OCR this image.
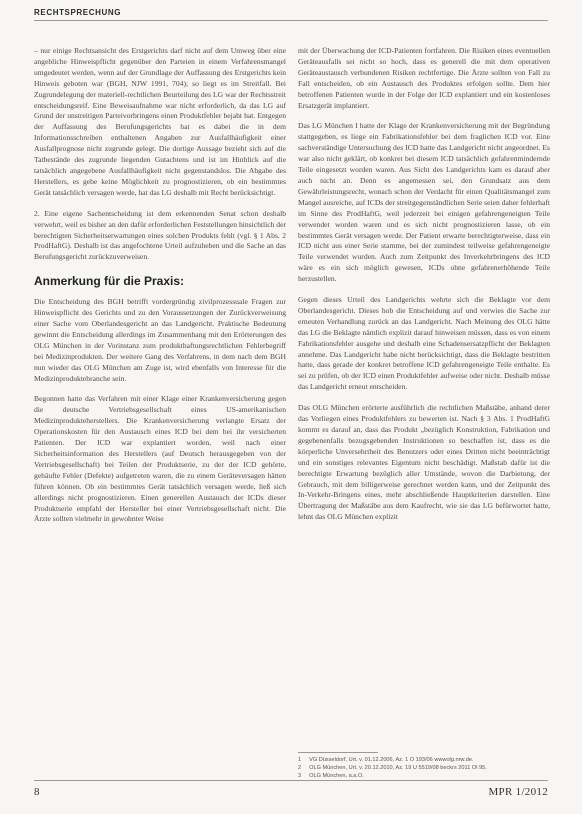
RECHTSPRECHUNG

– nur einige Rechtsansicht des Erstgerichts darf nicht auf dem Umweg über eine angebliche Hinweispflicht gegenüber den Parteien in einem Verfahrensmangel umgedeutet werden, wenn auf der Grundlage der Auffassung des Erstgerichts kein Hinweis geboten war (BGH, NJW 1991, 704); so liegt es im Streitfall. Bei Zugrundelegung der materiell-rechtlichen Beurteilung des LG war der Rechtsstreit entscheidungsreif. Eine Beweisaufnahme war nicht erforderlich, da das LG auf Grund der unstreitigen Parteivorbringens einen Produktfehler bejaht hat. Entgegen der Auffassung des Berufungsgerichts hat es dabei die in dem Informationsschreiben enthaltenen Angaben zur Ausfallhäufigkeit einer Ausfallprognose nicht zugrunde gelegt. Die dortige Aussage bezieht sich auf die Tatbestände des zugrunde liegenden Gutachtens und ist im Hinblick auf die tatsächlich angegebene Ausfallhäufigkeit nicht gegenstandslos. Die Abgabe des Herstellers, es gebe keine Möglichkeit zu prognostizieren, ob ein bestimmtes Gerät tatsächlich versagen werde, hat das LG deshalb mit Recht berücksichtigt.

2. Eine eigene Sachentscheidung ist dem erkennenden Senat schon deshalb verwehrt, weil es bisher an den dafür erforderlichen Feststellungen hinsichtlich der berechtigten Sicherheitserwartungen eines solchen Produkts fehlt (vgl. § 1 Abs. 2 ProdHaftG). Deshalb ist das angefochtene Urteil aufzuheben und die Sache an das Berufungsgericht zurückzuverweisen.

Anmerkung für die Praxis:

Die Entscheidung des BGH betrifft vordergründig zivilprozessuale Fragen zur Hinweispflicht des Gerichts und zu den Voraussetzungen der Zurückverweisung einer Sache vom Oberlandesgericht an das Landgericht. Praktische Bedeutung gewinnt die Entscheidung allerdings im Zusammenhang mit den Erörterungen des OLG München in der Vorinstanz zum produkthaftungsrechtlichen Fehlerbegriff bei Medizinprodukten. Der weitere Gang des Verfahrens, in dem nach dem BGH nun wieder das OLG München am Zuge ist, wird ebenfalls von Interesse für die Medizinproduktebranche sein.

Begonnen hatte das Verfahren mit einer Klage einer Krankenversicherung gegen die deutsche Vertriebsgesellschaft eines US-amerikanischen Medizinprodukteherstellers. Die Krankenversicherung verlangte Ersatz der Operationskosten für den Austausch eines ICD bei dem bei ihr versicherten Patienten. Der ICD war explantiert worden, weil nach einer Sicherheitsinformation des Herstellers (auf Deutsch herausgegeben von der Vertriebsgesellschaft) bei Teilen der Produktserie, zu der der ICD gehörte, gehäufte Fehler (Defekte) aufgetreten waren, die zu einem Geräteversagen hätten führen können. Ob ein bestimmtes Gerät tatsächlich versagen werde, ließ sich allerdings nicht prognostizieren. Einen generellen Austausch der ICDs dieser Produktserie empfahl der Hersteller bei einer Vertriebsgesellschaft nicht. Die Ärzte sollten vielmehr in gewohnter Weise

mit der Überwachung der ICD-Patienten fortfahren. Die Risiken eines eventuellen Geräteausfalls sei nicht so hoch, dass es generell die mit dem operativen Geräteaustausch verbundenen Risiken rechtfertige. Die Ärzte sollten von Fall zu Fall entscheiden, ob ein Austausch des Produktes erfolgen sollte. Dem hier betroffenen Patienten wurde in der Folge der ICD explantiert und ein kostenloses Ersatzgerät implantiert.

Das LG München I hatte der Klage der Krankenversicherung mit der Begründung stattgegeben, es liege ein Fabrikationsfehler bei dem fraglichen ICD vor. Eine sachverständige Untersuchung des ICD hatte das Landgericht nicht angeordnet. Es war also nicht geklärt, ob konkret bei diesem ICD tatsächlich gefahrenmindernde Teile eingesetzt worden waren. Aus Sicht des Landgerichts kam es darauf aber auch nicht an. Denn es angemessen sei, den Grundsatz aus dem Gewährleistungsrecht, wonach schon der Verdacht für einen Qualitätsmangel zum Mangel ausreiche, auf ICDs der streitgegenständlichen Serie seien daher fehlerhaft im Sinne des ProdHaftG, weil jederzeit bei einigen gefahrengeneigten Teile verwendet worden waren und es sich nicht prognostizieren lasse, ob ein bestimmtes Gerät versagen werde. Der Patient erwarte berechtigterweise, dass ein ICD nicht aus einer Serie stamme, bei der zumindest teilweise gefahrengeneigte Teile verwendet wurden. Auch zum Zeitpunkt des Inverkehrbringens des ICD wäre es ein sich möglich gewesen, ICDs ohne gefahrenerhöhende Teile herzustellen.

Gegen dieses Urteil des Landgerichts wehrte sich die Beklagte vor dem Oberlandesgericht. Dieses hob die Entscheidung auf und verwies die Sache zur erneuten Verhandlung zurück an das Landgericht. Nach Meinung des OLG hätte das LG die Beklagte nämlich explizit darauf hinweisen müssen, dass es von einem Fabrikationsfehler ausgehe und deshalb eine Schadensersatzpflicht der Beklagten annehme. Das Landgericht habe nicht berücksichtigt, dass die Beklagte bestritten hatte, dass gerade der konkret betroffene ICD gefahrengeneigte Teile enthalte. Es sei zu prüfen, ob der ICD einen Produktfehler aufweise oder nicht. Deshalb müsse das Landgericht erneut entscheiden.

Das OLG München erörterte ausführlich die rechtlichen Maßstäbe, anhand derer das Vorliegen eines Produktfehlers zu bewerten ist. Nach § 3 Abs. 1 ProdHaftG kommt es darauf an, dass das Produkt „bezüglich Konstruktion, Fabrikation und gegebenenfalls bezugsgebenden Instruktionen so beschaffen ist, dass es die körperliche Unversehrtheit des Benutzers oder eines Dritten nicht beeinträchtigt und ein sonstiges relevantes Eigentum nicht beschädigt. Maßstab dafür ist die berechtigte Erwartung bezüglich aller Umstände, wovon die Darbietung, der Gebrauch, mit dem billigerweise gerechnet werden kann, und der Zeitpunkt des In-Verkehr-Bringens eines, mehr abschließende Hauptkriterien darstellen. Eine Übertragung der Maßstäbe aus dem Kaufrecht, wie sie das LG befürwortet hatte, lehnt das OLG München explizit

1 VG Düsseldorf, Urt. v. 01.12.2006, Az. 1 O 193/06 wwwolg.nrw.de.
2 OLG München, Urt. v. 20.12.2010, Az. 19 U 5519/08 beckrs 2011 Ol 95.
3 OLG München, a.a.O.
8	MPR 1/2012
